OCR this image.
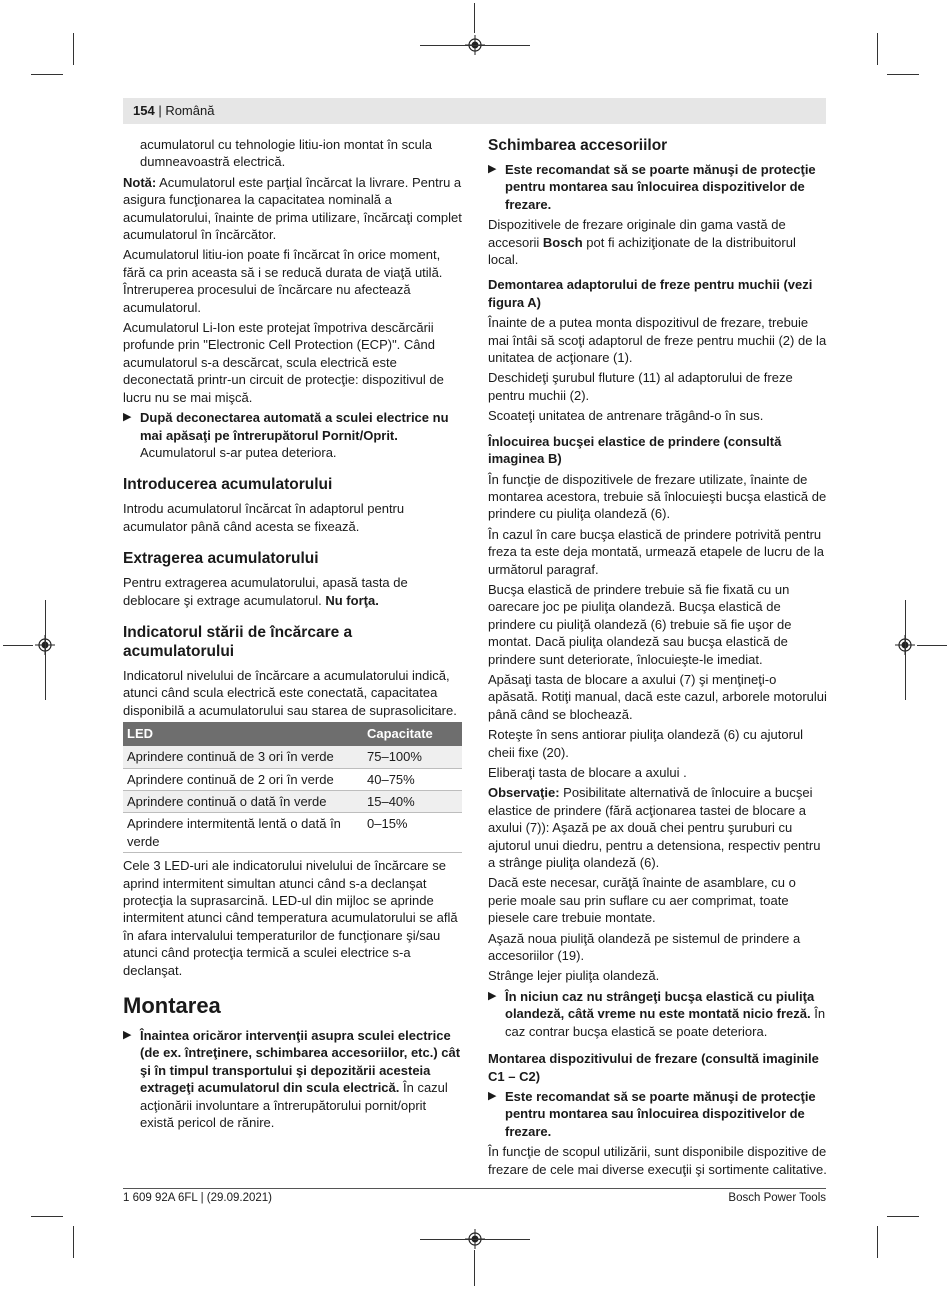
154 | Română

acumulatorul cu tehnologie litiu-ion montat în scula dumneavoastră electrică.

Notă: Acumulatorul este parţial încărcat la livrare. Pentru a asigura funcţionarea la capacitatea nominală a acumulatorului, înainte de prima utilizare, încărcaţi complet acumulatorul în încărcător.

Acumulatorul litiu-ion poate fi încărcat în orice moment, fără ca prin aceasta să i se reducă durata de viaţă utilă. Întreruperea procesului de încărcare nu afectează acumulatorul.

Acumulatorul Li-Ion este protejat împotriva descărcării profunde prin "Electronic Cell Protection (ECP)". Când acumulatorul s-a descărcat, scula electrică este deconectată printr-un circuit de protecţie: dispozitivul de lucru nu se mai mişcă.

▶ După deconectarea automată a sculei electrice nu mai apăsaţi pe întrerupătorul Pornit/Oprit. Acumulatorul s-ar putea deteriora.
Introducerea acumulatorului

Introdu acumulatorul încărcat în adaptorul pentru acumulator până când acesta se fixează.

Extragerea acumulatorului

Pentru extragerea acumulatorului, apasă tasta de deblocare şi extrage acumulatorul. Nu forţa.

Indicatorul stării de încărcare a acumulatorului

Indicatorul nivelului de încărcare a acumulatorului indică, atunci când scula electrică este conectată, capacitatea disponibilă a acumulatorului sau starea de suprasolicitare.

LED	Capacitate
Aprindere continuă de 3 ori în verde	75–100%
Aprindere continuă de 2 ori în verde	40–75%
Aprindere continuă o dată în verde	15–40%
Aprindere intermitentă lentă o dată în verde	0–15%

Cele 3 LED-uri ale indicatorului nivelului de încărcare se aprind intermitent simultan atunci când s-a declanşat protecţia la suprasarcină. LED-ul din mijloc se aprinde intermitent atunci când temperatura acumulatorului se află în afara intervalului temperaturilor de funcţionare şi/sau atunci când protecţia termică a sculei electrice s-a declanşat.

Montarea
▶ Înaintea oricăror intervenţii asupra sculei electrice (de ex. întreţinere, schimbarea accesoriilor, etc.) cât şi în timpul transportului şi depozitării acesteia extrageţi acumulatorul din scula electrică. În cazul acţionării involuntare a întrerupătorului pornit/oprit există pericol de rănire.
Schimbarea accesoriilor
▶ Este recomandat să se poarte mănuşi de protecţie pentru montarea sau înlocuirea dispozitivelor de frezare.

Dispozitivele de frezare originale din gama vastă de accesorii Bosch pot fi achiziţionate de la distribuitorul local.

Demontarea adaptorului de freze pentru muchii (vezi figura A)

Înainte de a putea monta dispozitivul de frezare, trebuie mai întâi să scoţi adaptorul de freze pentru muchii (2) de la unitatea de acţionare (1).

Deschideţi şurubul fluture (11) al adaptorului de freze pentru muchii (2).

Scoateţi unitatea de antrenare trăgând-o în sus.

Înlocuirea bucşei elastice de prindere (consultă imaginea B)

În funcţie de dispozitivele de frezare utilizate, înainte de montarea acestora, trebuie să înlocuieşti bucşa elastică de prindere cu piuliţa olandeză (6).

În cazul în care bucşa elastică de prindere potrivită pentru freza ta este deja montată, urmează etapele de lucru de la următorul paragraf.

Bucşa elastică de prindere trebuie să fie fixată cu un oarecare joc pe piuliţa olandeză. Bucşa elastică de prindere cu piuliţă olandeză (6) trebuie să fie uşor de montat. Dacă piuliţa olandeză sau bucşa elastică de prindere sunt deteriorate, înlocuieşte-le imediat.

Apăsaţi tasta de blocare a axului (7) şi menţineţi-o apăsată. Rotiţi manual, dacă este cazul, arborele motorului până când se blochează.

Roteşte în sens antiorar piuliţa olandeză (6) cu ajutorul cheii fixe (20).

Eliberaţi tasta de blocare a axului .

Observaţie: Posibilitate alternativă de înlocuire a bucşei elastice de prindere (fără acţionarea tastei de blocare a axului (7)): Aşază pe ax două chei pentru şuruburi cu ajutorul unui diedru, pentru a detensiona, respectiv pentru a strânge piuliţa olandeză (6).

Dacă este necesar, curăţă înainte de asamblare, cu o perie moale sau prin suflare cu aer comprimat, toate piesele care trebuie montate.

Aşază noua piuliţă olandeză pe sistemul de prindere a accesoriilor (19).

Strânge lejer piuliţa olandeză.

▶ În niciun caz nu strângeţi bucşa elastică cu piuliţa olandeză, câtă vreme nu este montată nicio freză. În caz contrar bucşa elastică se poate deteriora.
Montarea dispozitivului de frezare (consultă imaginile C1 – C2)
▶ Este recomandat să se poarte mănuşi de protecţie pentru montarea sau înlocuirea dispozitivelor de frezare.

În funcţie de scopul utilizării, sunt disponibile dispozitive de frezare de cele mai diverse execuţii şi sortimente calitative.

1 609 92A 6FL | (29.09.2021)	Bosch Power Tools
